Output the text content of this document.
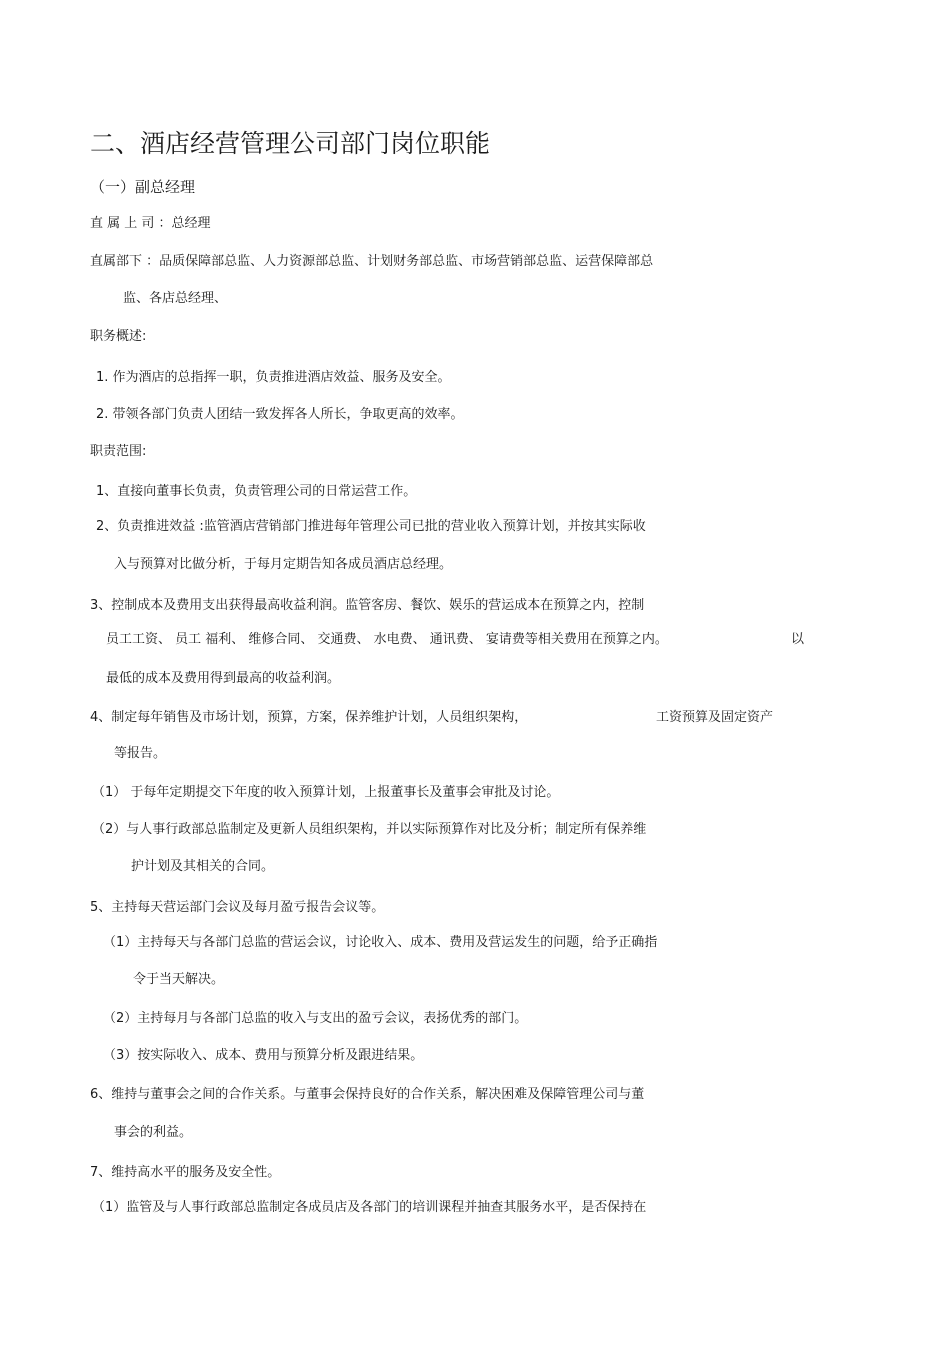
二、酒店经营管理公司部门岗位职能
（一）副总经理
直 属 上 司 ：总经理
直属部下 ：品质保障部总监、人力资源部总监、计划财务部总监、市场营销部总监、运营保障部总
监、各店总经理、
职务概述:
1. 作为酒店的总指挥一职，负责推进酒店效益、服务及安全。
2. 带领各部门负责人团结一致发挥各人所长，争取更高的效率。
职责范围:
1、直接向董事长负责，负责管理公司的日常运营工作。
2、负责推进效益 :监管酒店营销部门推进每年管理公司已批的营业收入预算计划，并按其实际收
入与预算对比做分析，于每月定期告知各成员酒店总经理。
3、控制成本及费用支出获得最高收益利润。监管客房、餐饮、娱乐的营运成本在预算之内，控制
员工工资、 员工 福利、 维修合同、 交通费、 水电费、 通讯费、 宴请费等相关费用在预算之内。	以
最低的成本及费用得到最高的收益利润。
4、制定每年销售及市场计划，预算，方案，保养维护计划，人员组织架构，	工资预算及固定资产
等报告。
（1） 于每年定期提交下年度的收入预算计划，上报董事长及董事会审批及讨论。
（2）与人事行政部总监制定及更新人员组织架构，并以实际预算作对比及分析；制定所有保养维
护计划及其相关的合同。
5、主持每天营运部门会议及每月盈亏报告会议等。
（1）主持每天与各部门总监的营运会议，讨论收入、成本、费用及营运发生的问题，给予正确指
令于当天解决。
（2）主持每月与各部门总监的收入与支出的盈亏会议，表扬优秀的部门。
（3）按实际收入、成本、费用与预算分析及跟进结果。
6、维持与董事会之间的合作关系。与董事会保持良好的合作关系，解决困难及保障管理公司与董
事会的利益。
7、维持高水平的服务及安全性。
（1）监管及与人事行政部总监制定各成员店及各部门的培训课程并抽查其服务水平，是否保持在
